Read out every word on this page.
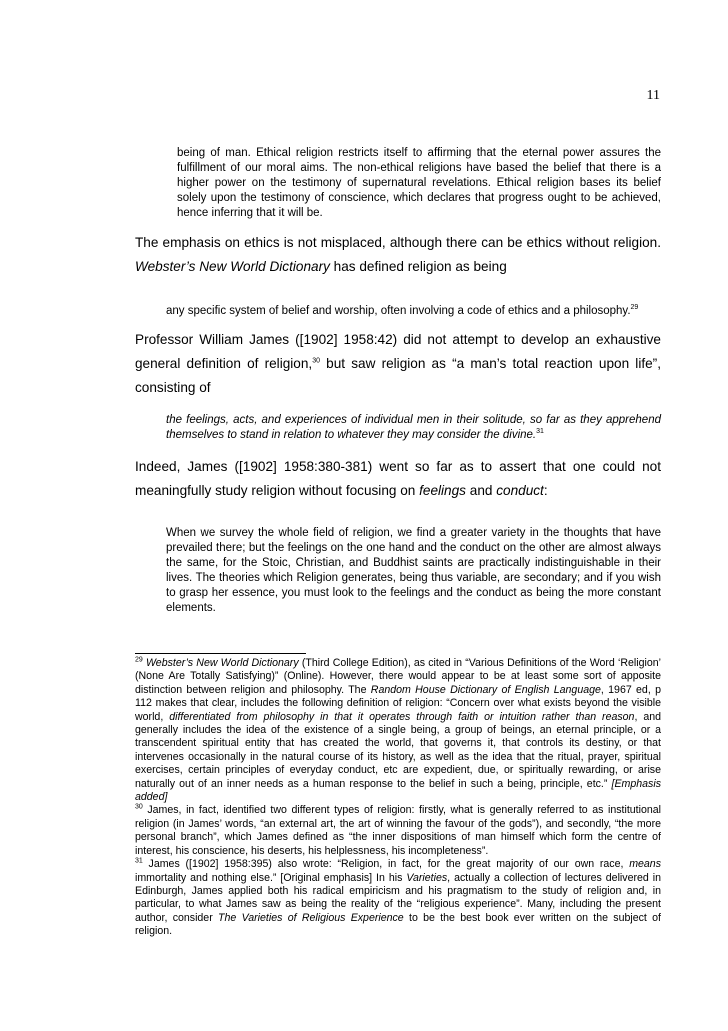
11

being of man. Ethical religion restricts itself to affirming that the eternal power assures the fulfillment of our moral aims. The non-ethical religions have based the belief that there is a higher power on the testimony of supernatural revelations. Ethical religion bases its belief solely upon the testimony of conscience, which declares that progress ought to be achieved, hence inferring that it will be.

The emphasis on ethics is not misplaced, although there can be ethics without religion. Webster’s New World Dictionary has defined religion as being

any specific system of belief and worship, often involving a code of ethics and a philosophy.$^{29}$

Professor William James ([1902] 1958:42) did not attempt to develop an exhaustive general definition of religion,$^{30}$ but saw religion as “a man’s total reaction upon life”, consisting of

the feelings, acts, and experiences of individual men in their solitude, so far as they apprehend themselves to stand in relation to whatever they may consider the divine.$^{31}$

Indeed, James ([1902] 1958:380-381) went so far as to assert that one could not meaningfully study religion without focusing on feelings and conduct:

When we survey the whole field of religion, we find a greater variety in the thoughts that have prevailed there; but the feelings on the one hand and the conduct on the other are almost always the same, for the Stoic, Christian, and Buddhist saints are practically indistinguishable in their lives. The theories which Religion generates, being thus variable, are secondary; and if you wish to grasp her essence, you must look to the feelings and the conduct as being the more constant elements.

$^{29}$ Webster’s New World Dictionary (Third College Edition), as cited in “Various Definitions of the Word ‘Religion’ (None Are Totally Satisfying)” (Online). However, there would appear to be at least some sort of apposite distinction between religion and philosophy. The Random House Dictionary of English Language, 1967 ed, p 112 makes that clear, includes the following definition of religion: “Concern over what exists beyond the visible world, differentiated from philosophy in that it operates through faith or intuition rather than reason, and generally includes the idea of the existence of a single being, a group of beings, an eternal principle, or a transcendent spiritual entity that has created the world, that governs it, that controls its destiny, or that intervenes occasionally in the natural course of its history, as well as the idea that the ritual, prayer, spiritual exercises, certain principles of everyday conduct, etc are expedient, due, or spiritually rewarding, or arise naturally out of an inner needs as a human response to the belief in such a being, principle, etc.” [Emphasis added]

$^{30}$ James, in fact, identified two different types of religion: firstly, what is generally referred to as institutional religion (in James’ words, “an external art, the art of winning the favour of the gods”), and secondly, “the more personal branch”, which James defined as “the inner dispositions of man himself which form the centre of interest, his conscience, his deserts, his helplessness, his incompleteness”.

$^{31}$ James ([1902] 1958:395) also wrote: “Religion, in fact, for the great majority of our own race, means immortality and nothing else.” [Original emphasis] In his Varieties, actually a collection of lectures delivered in Edinburgh, James applied both his radical empiricism and his pragmatism to the study of religion and, in particular, to what James saw as being the reality of the “religious experience”. Many, including the present author, consider The Varieties of Religious Experience to be the best book ever written on the subject of religion.
